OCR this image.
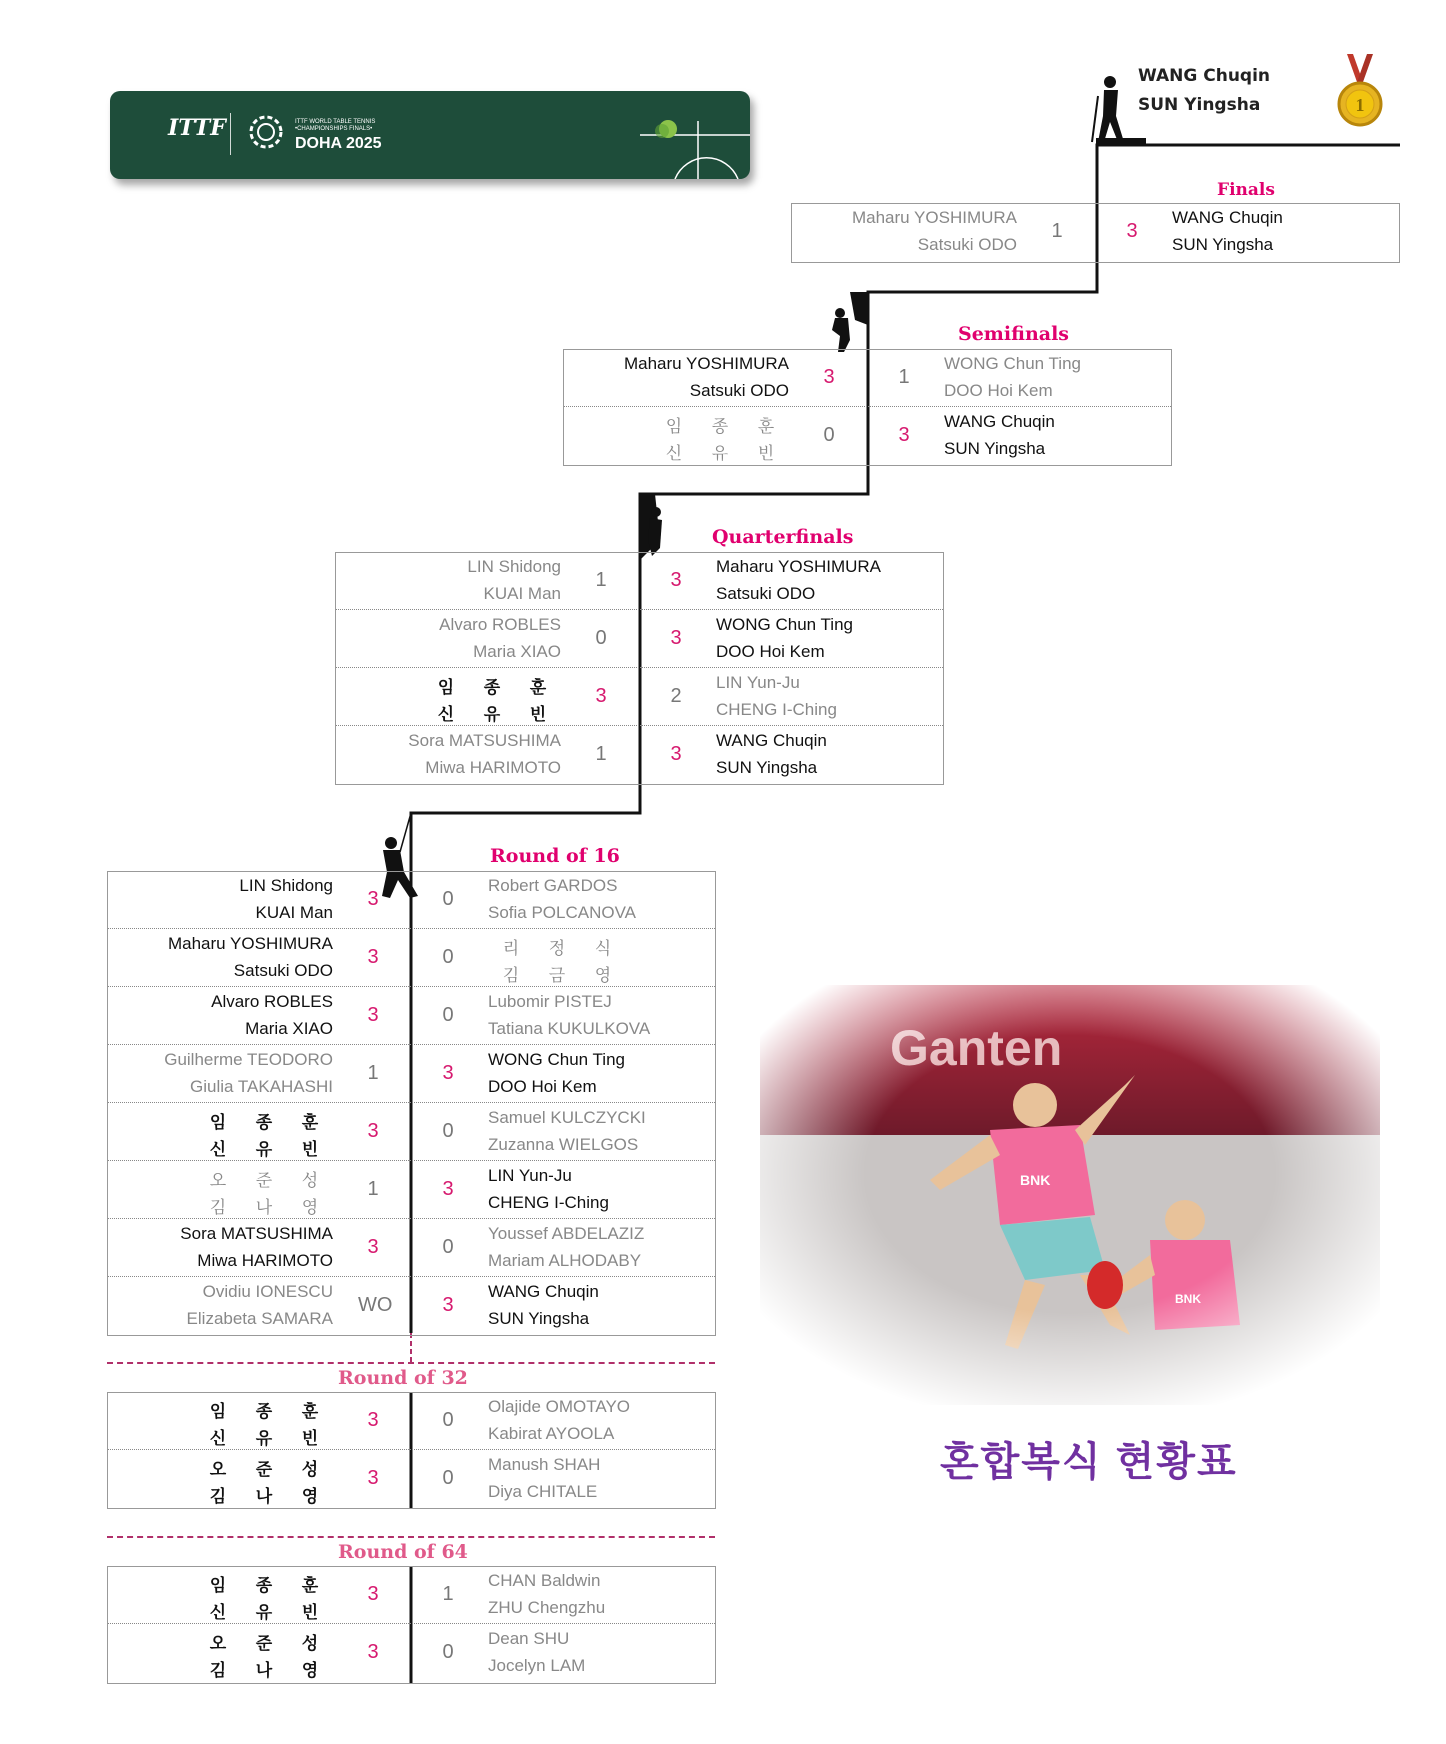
ITTF	ITTF WORLD TABLE TENNIS
•CHAMPIONSHIPS FINALS•
DOHA 2025
WANG Chuqin
SUN Yingsha	1
Finals
Semifinals
Quarterfinals
Round of 16
Round of 32
Round of 64
Maharu YOSHIMURA
Satsuki ODO
1	3
WANG Chuqin
SUN Yingsha
Maharu YOSHIMURA
Satsuki ODO
3	1
WONG Chun Ting
DOO Hoi Kem
임 종 훈
신 유 빈
0	3
WANG Chuqin
SUN Yingsha
LIN Shidong
KUAI Man
1	3
Maharu YOSHIMURA
Satsuki ODO
Alvaro ROBLES
Maria XIAO
0	3
WONG Chun Ting
DOO Hoi Kem
임 종 훈
신 유 빈
3	2
LIN Yun-Ju
CHENG I-Ching
Sora MATSUSHIMA
Miwa HARIMOTO
1	3
WANG Chuqin
SUN Yingsha
LIN Shidong
KUAI Man
3	0
Robert GARDOS
Sofia POLCANOVA
Maharu YOSHIMURA
Satsuki ODO
3	0	리 정 식
김 금 영
Alvaro ROBLES
Maria XIAO
3	0
Lubomir PISTEJ
Tatiana KUKULKOVA
Guilherme TEODORO
Giulia TAKAHASHI
1	3
WONG Chun Ting
DOO Hoi Kem
임 종 훈
신 유 빈
3	0
Samuel KULCZYCKI
Zuzanna WIELGOS
오 준 성
김 나 영
1	3
LIN Yun-Ju
CHENG I-Ching
Sora MATSUSHIMA
Miwa HARIMOTO
3	0
Youssef ABDELAZIZ
Mariam ALHODABY
Ovidiu IONESCU
Elizabeta SAMARA
WO	3
WANG Chuqin
SUN Yingsha
임 종 훈
신 유 빈
3	0
Olajide OMOTAYO
Kabirat AYOOLA
오 준 성
김 나 영
3	0
Manush SHAH
Diya CHITALE
임 종 훈
신 유 빈
3	1
CHAN Baldwin
ZHU Chengzhu
오 준 성
김 나 영
3	0
Dean SHU
Jocelyn LAM
혼합복식 현황표
